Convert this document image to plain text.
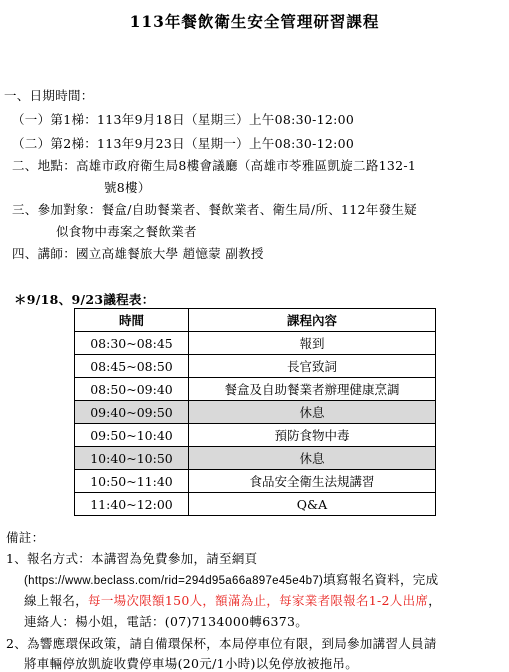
113年餐飲衛生安全管理研習課程
一、日期時間：
（一）第1梯：113年9月18日（星期三）上午08:30-12:00
（二）第2梯：113年9月23日（星期一）上午08:30-12:00
二、地點：高雄市政府衛生局8樓會議廳（高雄市苓雅區凱旋二路132-1
號8樓）
三、參加對象：餐盒/自助餐業者、餐飲業者、衛生局/所、112年發生疑
似食物中毒案之餐飲業者
四、講師：國立高雄餐旅大學 趙憶蒙 副教授
＊9/18、9/23議程表：
時間	課程內容
08:30~08:45	報到
08:45~08:50	長官致詞
08:50~09:40	餐盒及自助餐業者辦理健康烹調
09:40~09:50	休息
09:50~10:40	預防食物中毒
10:40~10:50	休息
10:50~11:40	食品安全衛生法規講習
11:40~12:00	Q&A
備註：
1、報名方式：本講習為免費參加，請至網頁
(https://www.beclass.com/rid=294d95a66a897e45e4b7)填寫報名資料，完成
線上報名，每一場次限額150人，額滿為止，每家業者限報名1-2人出席，
連絡人：楊小姐，電話：(07)7134000轉6373。
2、為響應環保政策，請自備環保杯，本局停車位有限，到局參加講習人員請
將車輛停放凱旋收費停車場(20元/1小時)以免停放被拖吊。
